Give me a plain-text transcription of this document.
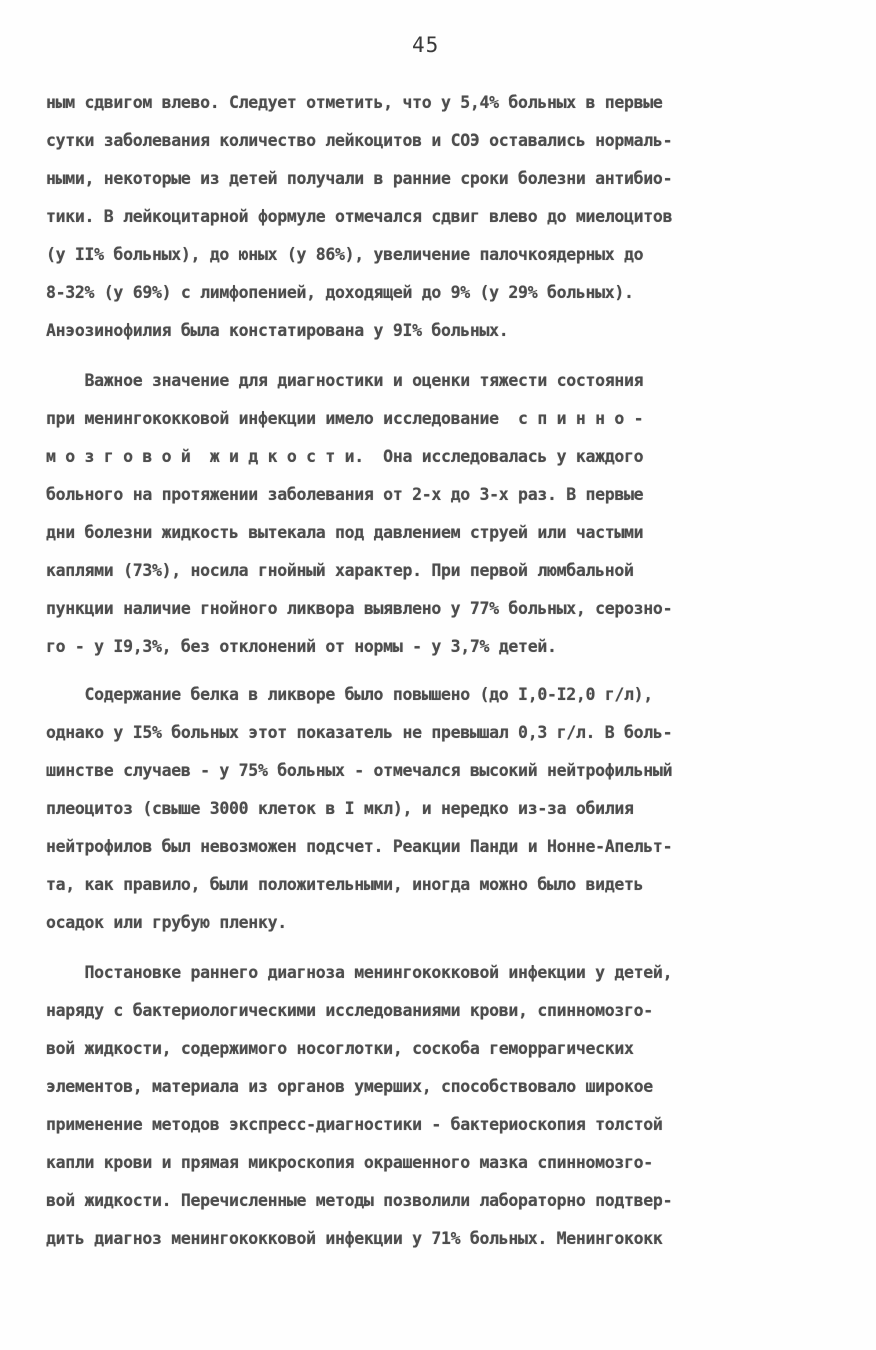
45
ным сдвигом влево. Следует отметить, что у 5,4% больных в первые
сутки заболевания количество лейкоцитов и СОЭ оставались нормаль-
ными, некоторые из детей получали в ранние сроки болезни антибио-
тики. В лейкоцитарной формуле отмечался сдвиг влево до миелоцитов
(у II% больных), до юных (у 86%), увеличение палочкоядерных до
8-32% (у 69%) с лимфопенией, доходящей до 9% (у 29% больных).
Анэозинофилия была констатирована у 9I% больных.
Важное значение для диагностики и оценки тяжести состояния
при менингококковой инфекции имело исследование  с п и н н о -
м о з г о в о й  ж и д к о с т и.  Она исследовалась у каждого
больного на протяжении заболевания от 2-х до 3-х раз. В первые
дни болезни жидкость вытекала под давлением струей или частыми
каплями (73%), носила гнойный характер. При первой люмбальной
пункции наличие гнойного ликвора выявлено у 77% больных, серозно-
го - у I9,3%, без отклонений от нормы - у 3,7% детей.
Содержание белка в ликворе было повышено (до I,0-I2,0 г/л),
однако у I5% больных этот показатель не превышал 0,3 г/л. В боль-
шинстве случаев - у 75% больных - отмечался высокий нейтрофильный
плеоцитоз (свыше 3000 клеток в I мкл), и нередко из-за обилия
нейтрофилов был невозможен подсчет. Реакции Панди и Нонне-Апельт-
та, как правило, были положительными, иногда можно было видеть
осадок или грубую пленку.
Постановке раннего диагноза менингококковой инфекции у детей,
наряду с бактериологическими исследованиями крови, спинномозго-
вой жидкости, содержимого носоглотки, соскоба геморрагических
элементов, материала из органов умерших, способствовало широкое
применение методов экспресс-диагностики - бактериоскопия толстой
капли крови и прямая микроскопия окрашенного мазка спинномозго-
вой жидкости. Перечисленные методы позволили лабораторно подтвер-
дить диагноз менингококковой инфекции у 71% больных. Менингококк
